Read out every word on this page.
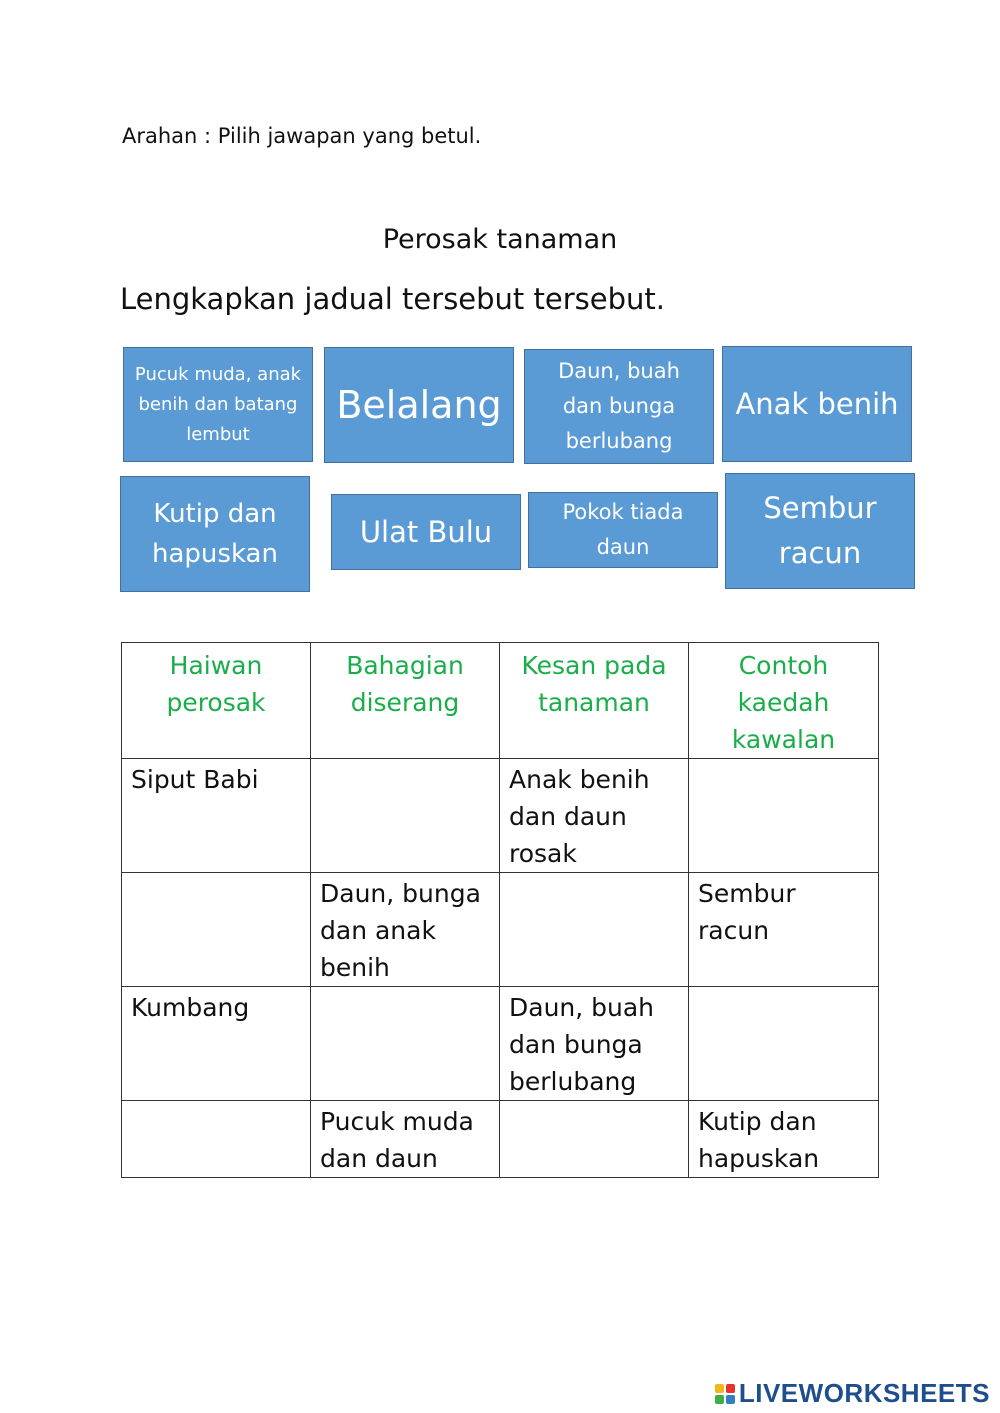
Arahan : Pilih jawapan yang betul.
Perosak tanaman
Lengkapkan jadual tersebut tersebut.
Pucuk muda, anak benih dan batang lembut
Belalang
Daun, buah dan bunga berlubang
Anak benih
Kutip dan hapuskan
Ulat Bulu
Pokok tiada daun
Sembur racun
Haiwan perosak	Bahagian diserang	Kesan pada tanaman	Contoh kaedah kawalan
Siput Babi		Anak benih dan daun rosak	
	Daun, bunga dan anak benih		Sembur racun
Kumbang		Daun, buah dan bunga berlubang	
	Pucuk muda dan daun		Kutip dan hapuskan
LIVEWORKSHEETS
